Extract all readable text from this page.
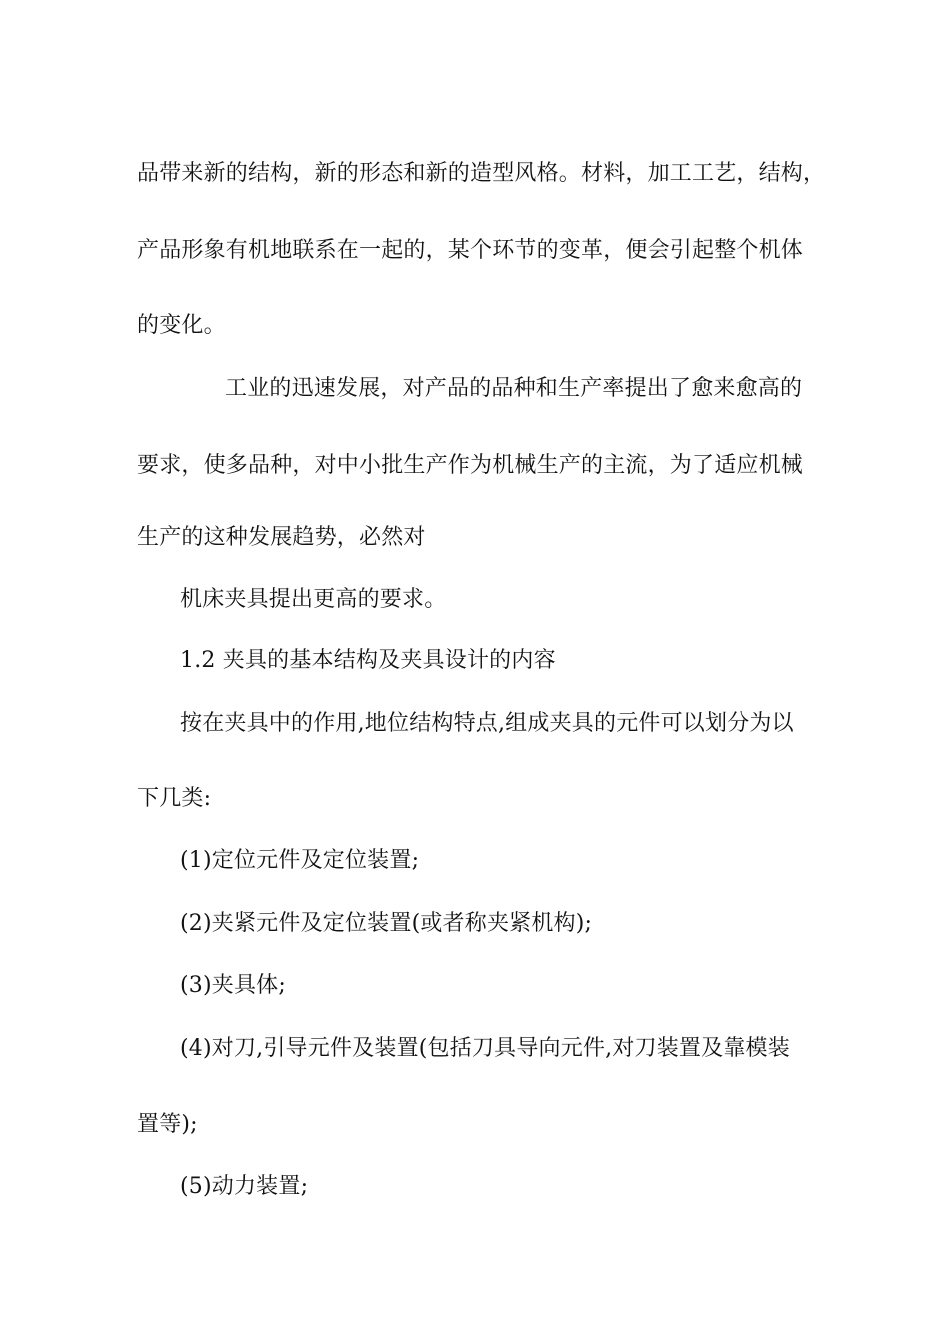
品带来新的结构，新的形态和新的造型风格。材料，加工工艺，结构，
产品形象有机地联系在一起的，某个环节的变革，便会引起整个机体
的变化。
工业的迅速发展，对产品的品种和生产率提出了愈来愈高的
要求，使多品种，对中小批生产作为机械生产的主流，为了适应机械
生产的这种发展趋势，必然对
机床夹具提出更高的要求。
1.2 夹具的基本结构及夹具设计的内容
按在夹具中的作用,地位结构特点,组成夹具的元件可以划分为以
下几类:
(1)定位元件及定位装置;
(2)夹紧元件及定位装置(或者称夹紧机构);
(3)夹具体;
(4)对刀,引导元件及装置(包括刀具导向元件,对刀装置及靠模装
置等);
(5)动力装置;
